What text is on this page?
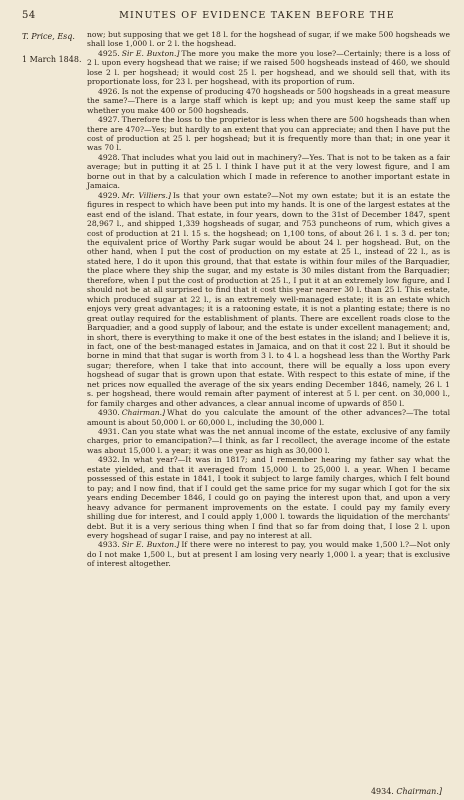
54	MINUTES OF EVIDENCE TAKEN BEFORE THE
T. Price, Esq.
1 March 1848.

now; but supposing that we get 18 l. for the hogshead of sugar, if we make 500 hogsheads we shall lose 1,000 l. or 2 l. the hogshead.

4925. Sir E. Buxton.] The more you make the more you lose?—Certainly; there is a loss of 2 l. upon every hogshead that we raise; if we raised 500 hogsheads instead of 460, we should lose 2 l. per hogshead; it would cost 25 l. per hogshead, and we should sell that, with its proportionate loss, for 23 l. per hogshead, with its proportion of rum.

4926. Is not the expense of producing 470 hogsheads or 500 hogsheads in a great measure the same?—There is a large staff which is kept up; and you must keep the same staff up whether you make 400 or 500 hogsheads.

4927. Therefore the loss to the proprietor is less when there are 500 hogsheads than when there are 470?—Yes; but hardly to an extent that you can appreciate; and then I have put the cost of production at 25 l. per hogshead; but it is frequently more than that; in one year it was 70 l.

4928. That includes what you laid out in machinery?—Yes. That is not to be taken as a fair average; but in putting it at 25 l. I think I have put it at the very lowest figure, and I am borne out in that by a calculation which I made in reference to another important estate in Jamaica.

4929. Mr. Villiers.] Is that your own estate?—Not my own estate; but it is an estate the figures in respect to which have been put into my hands. It is one of the largest estates at the east end of the island. That estate, in four years, down to the 31st of December 1847, spent 28,967 l., and shipped 1,339 hogsheads of sugar, and 753 puncheons of rum, which gives a cost of production at 21 l. 15 s. the hogshead; on 1,100 tons, of about 26 l. 1 s. 3 d. per ton; the equivalent price of Worthy Park sugar would be about 24 l. per hogshead. But, on the other hand, when I put the cost of production on my estate at 25 l., instead of 22 l., as is stated here, I do it upon this ground, that that estate is within four miles of the Barquadier, the place where they ship the sugar, and my estate is 30 miles distant from the Barquadier; therefore, when I put the cost of production at 25 l., I put it at an extremely low figure, and I should not be at all surprised to find that it cost this year nearer 30 l. than 25 l. This estate, which produced sugar at 22 l., is an extremely well-managed estate; it is an estate which enjoys very great advantages; it is a ratooning estate, it is not a planting estate; there is no great outlay required for the establishment of plants. There are excellent roads close to the Barquadier, and a good supply of labour, and the estate is under excellent management; and, in short, there is everything to make it one of the best estates in the island; and I believe it is, in fact, one of the best-managed estates in Jamaica, and on that it cost 22 l. But it should be borne in mind that that sugar is worth from 3 l. to 4 l. a hogshead less than the Worthy Park sugar; therefore, when I take that into account, there will be equally a loss upon every hogshead of sugar that is grown upon that estate. With respect to this estate of mine, if the net prices now equalled the average of the six years ending December 1846, namely, 26 l. 1 s. per hogshead, there would remain after payment of interest at 5 l. per cent. on 30,000 l., for family charges and other advances, a clear annual income of upwards of 850 l.

4930. Chairman.] What do you calculate the amount of the other advances?—The total amount is about 50,000 l. or 60,000 l., including the 30,000 l.

4931. Can you state what was the net annual income of the estate, exclusive of any family charges, prior to emancipation?—I think, as far I recollect, the average income of the estate was about 15,000 l. a year; it was one year as high as 30,000 l.

4932. In what year?—It was in 1817; and I remember hearing my father say what the estate yielded, and that it averaged from 15,000 l. to 25,000 l. a year. When I became possessed of this estate in 1841, I took it subject to large family charges, which I felt bound to pay; and I now find, that if I could get the same price for my sugar which I got for the six years ending December 1846, I could go on paying the interest upon that, and upon a very heavy advance for permanent improvements on the estate. I could pay my family every shilling due for interest, and I could apply 1,000 l. towards the liquidation of the merchants' debt. But it is a very serious thing when I find that so far from doing that, I lose 2 l. upon every hogshead of sugar I raise, and pay no interest at all.

4933. Sir E. Buxton.] If there were no interest to pay, you would make 1,500 l.?—Not only do I not make 1,500 l., but at present I am losing very nearly 1,000 l. a year; that is exclusive of interest altogether.

4934. Chairman.]
